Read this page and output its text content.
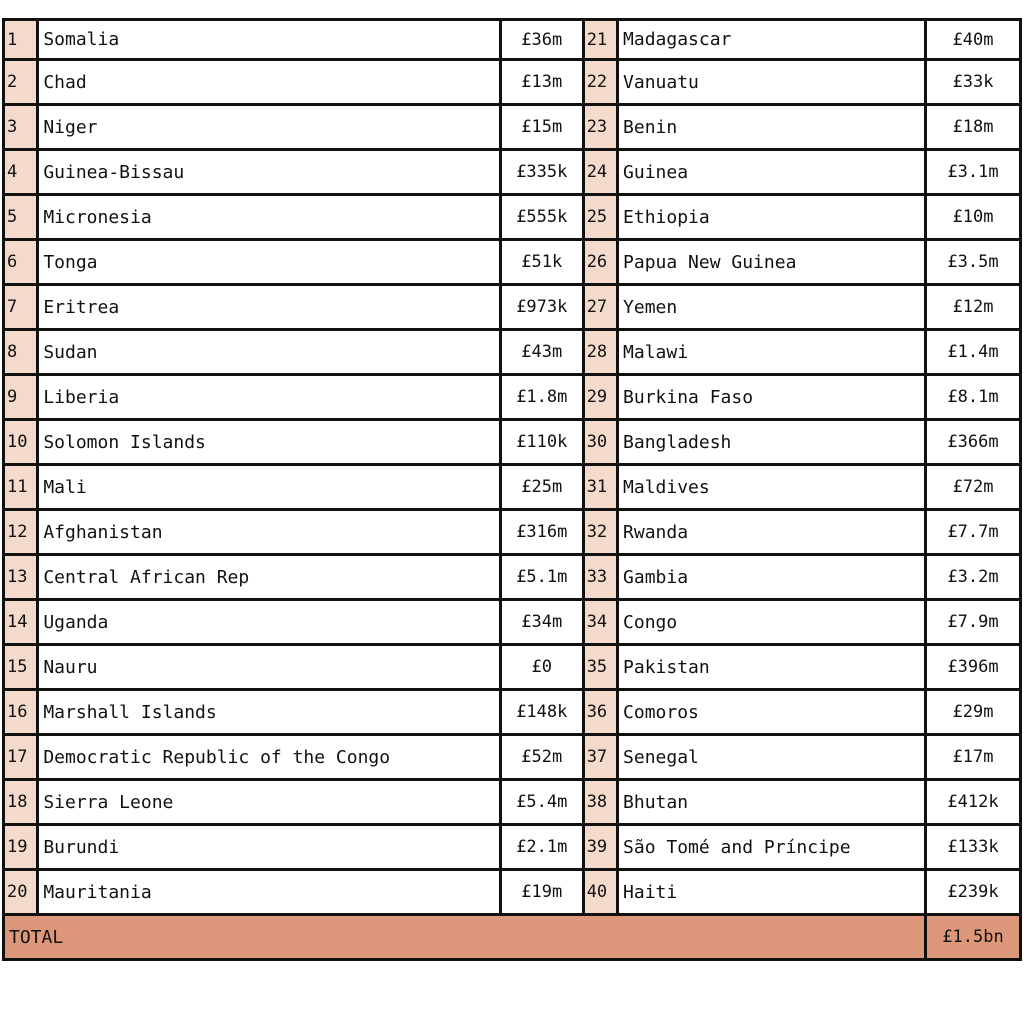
1	Somalia	£36m	21	Madagascar	£40m
2	Chad	£13m	22	Vanuatu	£33k
3	Niger	£15m	23	Benin	£18m
4	Guinea-Bissau	£335k	24	Guinea	£3.1m
5	Micronesia	£555k	25	Ethiopia	£10m
6	Tonga	£51k	26	Papua New Guinea	£3.5m
7	Eritrea	£973k	27	Yemen	£12m
8	Sudan	£43m	28	Malawi	£1.4m
9	Liberia	£1.8m	29	Burkina Faso	£8.1m
10	Solomon Islands	£110k	30	Bangladesh	£366m
11	Mali	£25m	31	Maldives	£72m
12	Afghanistan	£316m	32	Rwanda	£7.7m
13	Central African Rep	£5.1m	33	Gambia	£3.2m
14	Uganda	£34m	34	Congo	£7.9m
15	Nauru	£0	35	Pakistan	£396m
16	Marshall Islands	£148k	36	Comoros	£29m
17	Democratic Republic of the Congo	£52m	37	Senegal	£17m
18	Sierra Leone	£5.4m	38	Bhutan	£412k
19	Burundi	£2.1m	39	São Tomé and Príncipe	£133k
20	Mauritania	£19m	40	Haiti	£239k
TOTAL					£1.5bn
